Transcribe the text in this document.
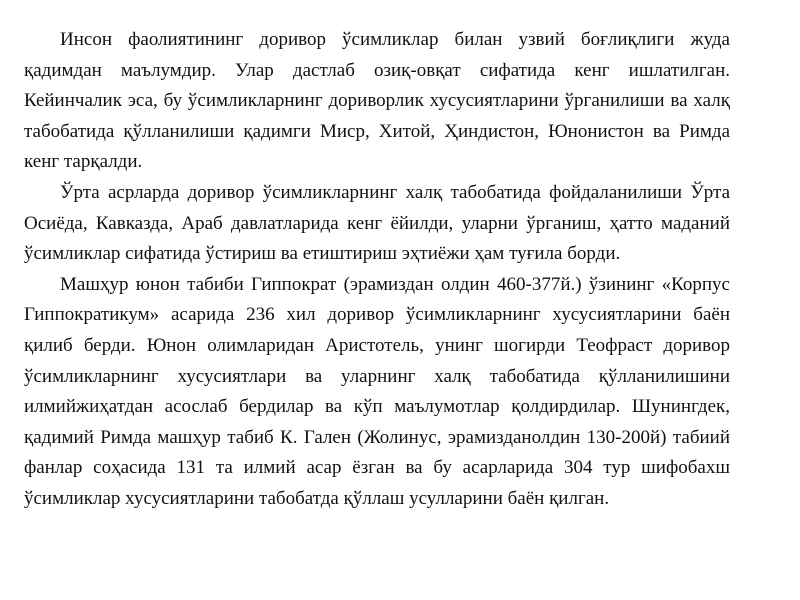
Инсон фаолиятининг доривор ўсимликлар билан узвий боғлиқлиги жуда қадимдан маълумдир. Улар дастлаб озиқ-овқат сифатида кенг ишлатилган. Кейинчалик эса, бу ўсимликларнинг дориворлик хусусиятларини ўрганилиши ва халқ табобатида қўлланилиши қадимги Миср, Хитой, Ҳиндистон, Юнонистон ва Римда кенг тарқалди.

Ўрта асрларда доривор ўсимликларнинг халқ табобатида фойдаланилиши Ўрта Осиёда, Кавказда, Араб давлатларида кенг ёйилди, уларни ўрганиш, ҳатто маданий ўсимликлар сифатида ўстириш ва етиштириш эҳтиёжи ҳам туғила борди.

Машҳур юнон табиби Гиппократ (эрамиздан олдин 460-377й.) ўзининг «Корпус Гиппократикум» асарида 236 хил доривор ўсимликларнинг хусусиятларини баён қилиб берди. Юнон олимларидан Аристотель, унинг шогирди Теофраст доривор ўсимликларнинг хусусиятлари ва уларнинг халқ табобатида қўлланилишини илмийжиҳатдан асослаб бердилар ва кўп маълумотлар қолдирдилар. Шунингдек, қадимий Римда машҳур табиб К. Гален (Жолинус, эрамизданолдин 130-200й) табиий фанлар соҳасида 131 та илмий асар ёзган ва бу асарларида 304 тур шифобахш ўсимликлар хусусиятларини табобатда қўллаш усулларини баён қилган.
